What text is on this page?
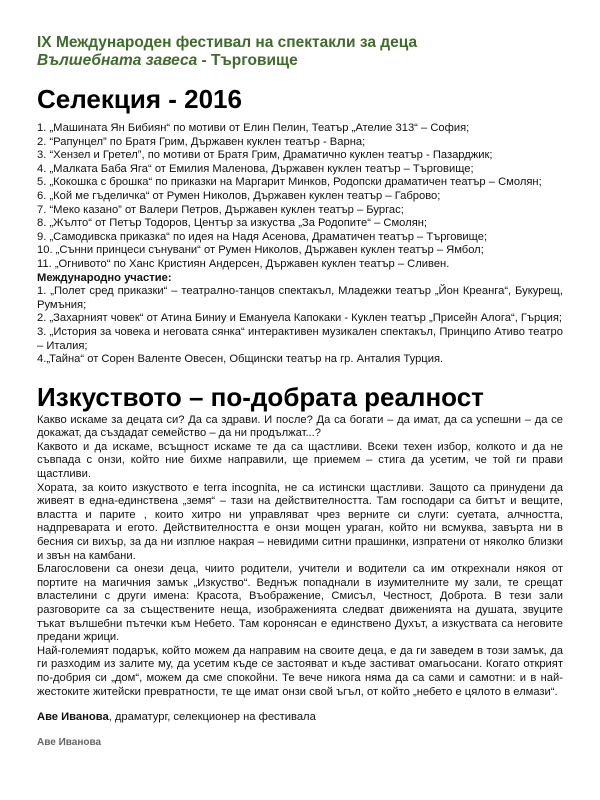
IX Международен фестивал на спектакли за деца
Вълшебната завеса - Търговище
Селекция - 2016

1. „Машината Ян Бибиян“ по мотиви от Елин Пелин, Театър „Ателие 313“ – София;

2. “Рапунцел” по Братя Грим, Държавен куклен театър - Варна;

3. “Хензел и Гретел”, по мотиви от Братя Грим, Драматично куклен театър - Пазарджик;

4. „Малката Баба Яга“ от Емилия Маленова, Държавен куклен театър – Търговище;

5. „Кокошка с брошка“ по приказки на Маргарит Минков, Родопски драматичен театър – Смолян;

6. „Кой ме гъделичка“ от Румен Николов, Държавен куклен театър – Габрово;

7. “Меко казано” от Валери Петров, Държавен куклен театър – Бургас;

8. „Жълто“ от Петър Тодоров, Център за изкуства „За Родопите“ – Смолян;

9. „Самодивска приказка“ по идея на Надя Асенова, Драматичен театър – Търговище;

10. „Сънни принцеси сънувани“ от Румен Николов, Държавен куклен театър – Ямбол;

11. „Огнивото“ по Ханс Кристиян Андерсен, Държавен куклен театър – Сливен.

Международно участие:

1. „Полет сред приказки“ – театрално-танцов спектакъл, Младежки театър „Йон Креанга“, Букурещ, Румъния;

2. „Захарният човек“ от Атина Биниу и Емануела Капокаки - Куклен театър „Присейн Алога“, Гърция;

3. „История за човека и неговата сянка“ интерактивен музикален спектакъл, Принципо Ативо театро – Италия;

4.„Тайна“ от Сорен Валенте Овесен, Общински театър на гр. Анталия Турция.

Изкуството – по-добрата реалност

Какво искаме за децата си? Да са здрави. И после? Да са богати – да имат, да са успешни – да се докажат, да създадат семейство – да ни продължат...?

Каквото и да искаме, всъщност искаме те да са щастливи. Всеки техен избор, колкото и да не съвпада с онзи, който ние бихме направили, ще приемем – стига да усетим, че той ги прави щастливи.

Хората, за които изкуството е terra incognita, не са истински щастливи. Защото са принудени да живеят в една-единствена „земя“ – тази на действителността. Там господари са битът и вещите, властта и парите , които хитро ни управляват чрез верните си слуги: суетата, алчността, надпреварата и егото. Действителността е онзи мощен ураган, който ни всмуква, завърта ни в бесния си вихър, за да ни изплюе накрая – невидими ситни прашинки, изпратени от няколко близки и звън на камбани.

Благословени са онези деца, чиито родители, учители и водители са им открехнали някоя от портите на магичния замък „Изкуство“. Веднъж попаднали в изумителните му зали, те срещат властелини с други имена: Красота, Въображение, Смисъл, Честност, Доброта. В тези зали разговорите са за съществените неща, изображенията следват движенията на душата, звуците тъкат вълшебни пътечки към Небето. Там коронясан е единствено Духът, а изкуствата са неговите предани жрици.

Най-големият подарък, който можем да направим на своите деца, е да ги заведем в този замък, да ги разходим из залите му, да усетим къде се застояват и къде застиват омагьосани. Когато открият по-добрия си „дом“, можем да сме спокойни. Те вече никога няма да са сами и самотни: и в най-жестоките житейски превратности, те ще имат онзи свой ъгъл, от който „небето е цялото в елмази“.

Аве Иванова, драматург, селекционер на фестивала
Аве Иванова
